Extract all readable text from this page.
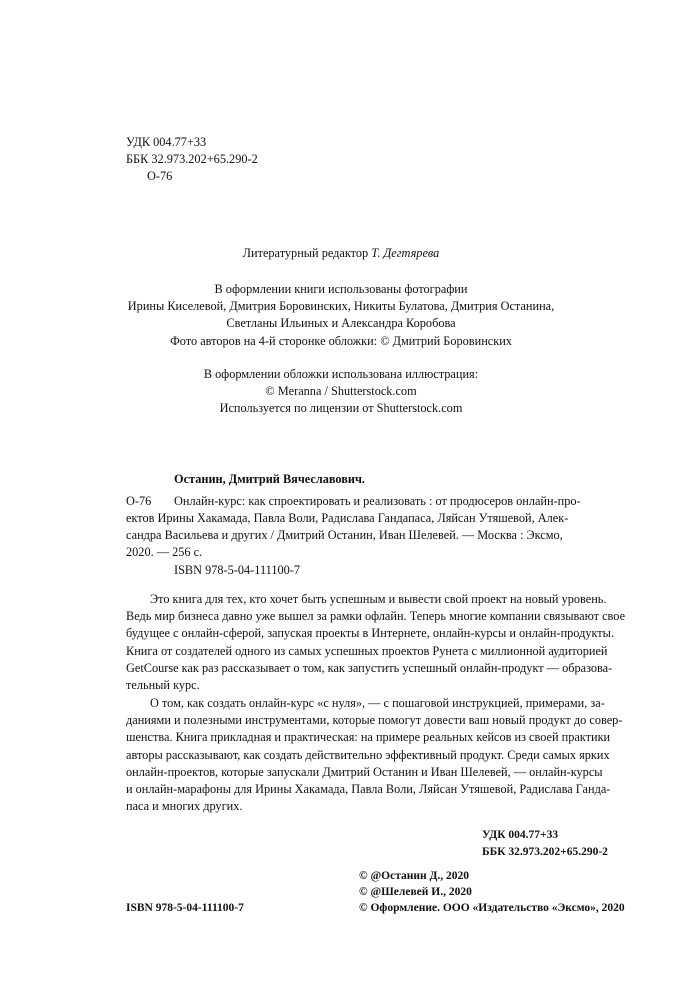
УДК 004.77+33
ББК 32.973.202+65.290-2
О-76
Литературный редактор Т. Дегтярева
В оформлении книги использованы фотографии
Ирины Киселевой, Дмитрия Боровинских, Никиты Булатова, Дмитрия Останина,
Светланы Ильиных и Александра Коробова
Фото авторов на 4-й сторонке обложки: © Дмитрий Боровинских
В оформлении обложки использована иллюстрация:
© Meranna / Shutterstock.com
Используется по лицензии от Shutterstock.com
Останин, Дмитрий Вячеславович.
О-76 Онлайн-курс: как спроектировать и реализовать : от продюсеров онлайн-про-
ектов Ирины Хакамада, Павла Воли, Радислава Гандапаса, Ляйсан Утяшевой, Алек-
сандра Васильева и других / Дмитрий Останин, Иван Шелевей. — Москва : Эксмо,
2020. — 256 с.
ISBN 978-5-04-111100-7
Это книга для тех, кто хочет быть успешным и вывести свой проект на новый уровень.
Ведь мир бизнеса давно уже вышел за рамки офлайн. Теперь многие компании связывают свое
будущее с онлайн-сферой, запуская проекты в Интернете, онлайн-курсы и онлайн-продукты.
Книга от создателей одного из самых успешных проектов Рунета с миллионной аудиторией
GetCourse как раз рассказывает о том, как запустить успешный онлайн-продукт — образова-
тельный курс.
О том, как создать онлайн-курс «с нуля», — с пошаговой инструкцией, примерами, за-
даниями и полезными инструментами, которые помогут довести ваш новый продукт до совер-
шенства. Книга прикладная и практическая: на примере реальных кейсов из своей практики
авторы рассказывают, как создать действительно эффективный продукт. Среди самых ярких
онлайн-проектов, которые запускали Дмитрий Останин и Иван Шелевей, — онлайн-курсы
и онлайн-марафоны для Ирины Хакамада, Павла Воли, Ляйсан Утяшевой, Радислава Ганда-
паса и многих других.
УДК 004.77+33
ББК 32.973.202+65.290-2
© @Останин Д., 2020
© @Шелевей И., 2020
© Оформление. ООО «Издательство «Эксмо», 2020
ISBN 978-5-04-111100-7
